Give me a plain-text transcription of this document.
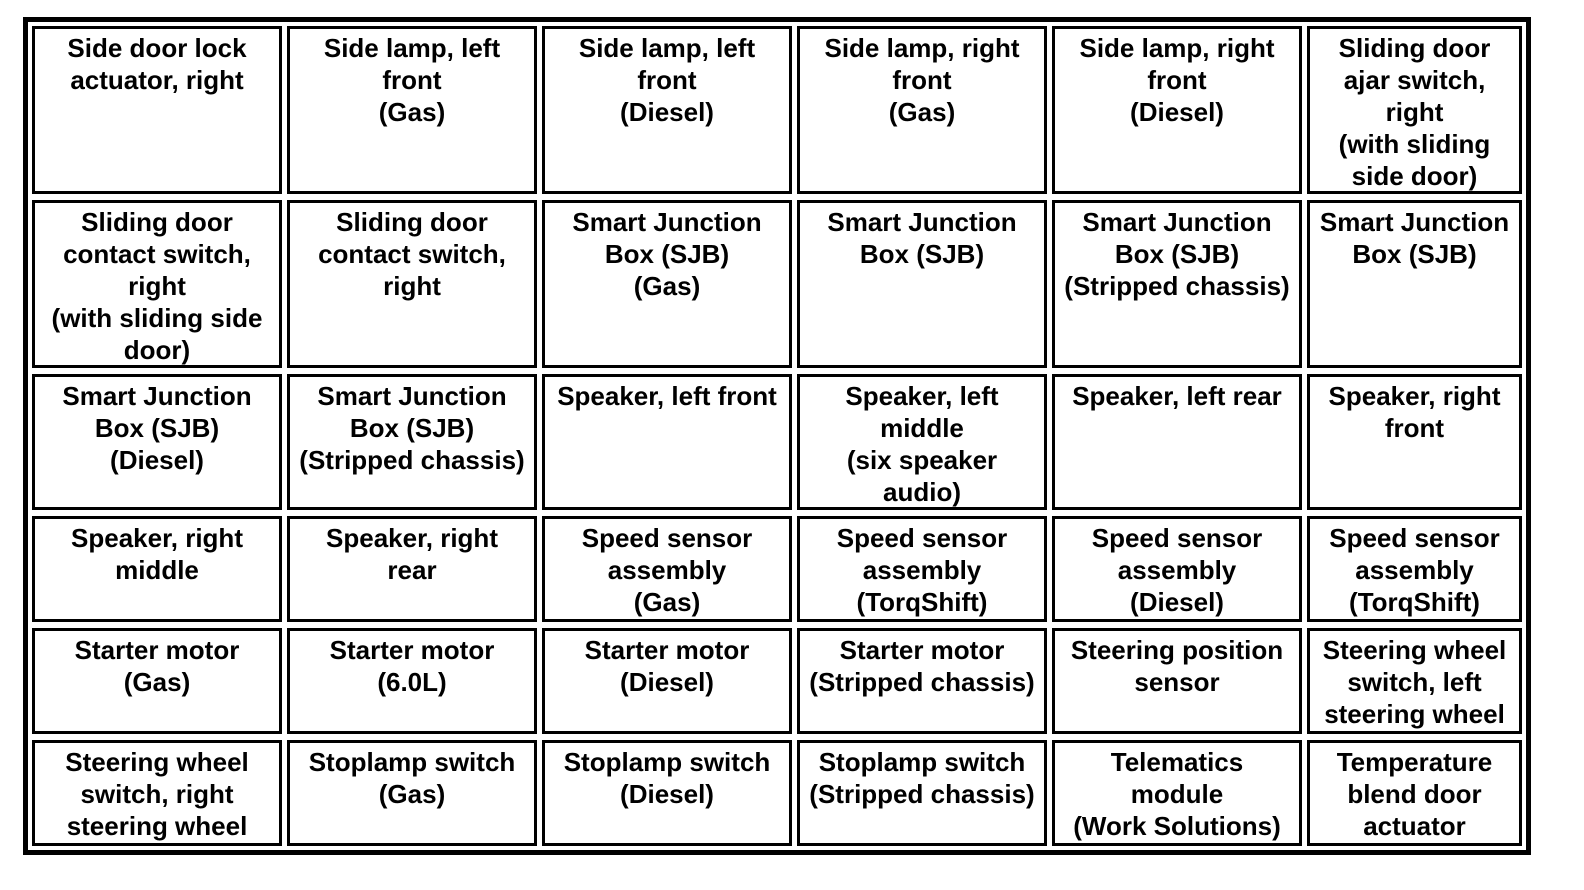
Side door lock
actuator, right
Side lamp, left
front
(Gas)
Side lamp, left
front
(Diesel)
Side lamp, right
front
(Gas)
Side lamp, right
front
(Diesel)
Sliding door
ajar switch,
right
(with sliding
side door)
Sliding door
contact switch,
right
(with sliding side
door)
Sliding door
contact switch,
right
Smart Junction
Box (SJB)
(Gas)
Smart Junction
Box (SJB)
Smart Junction
Box (SJB)
(Stripped chassis)
Smart Junction
Box (SJB)
Smart Junction
Box (SJB)
(Diesel)
Smart Junction
Box (SJB)
(Stripped chassis)
Speaker, left front	Speaker, left
middle
(six speaker
audio)
Speaker, left rear	Speaker, right
front
Speaker, right
middle
Speaker, right
rear
Speed sensor
assembly
(Gas)
Speed sensor
assembly
(TorqShift)
Speed sensor
assembly
(Diesel)
Speed sensor
assembly
(TorqShift)
Starter motor
(Gas)
Starter motor
(6.0L)
Starter motor
(Diesel)
Starter motor
(Stripped chassis)
Steering position
sensor
Steering wheel
switch, left
steering wheel
Steering wheel
switch, right
steering wheel
Stoplamp switch
(Gas)
Stoplamp switch
(Diesel)
Stoplamp switch
(Stripped chassis)
Telematics
module
(Work Solutions)
Temperature
blend door
actuator
